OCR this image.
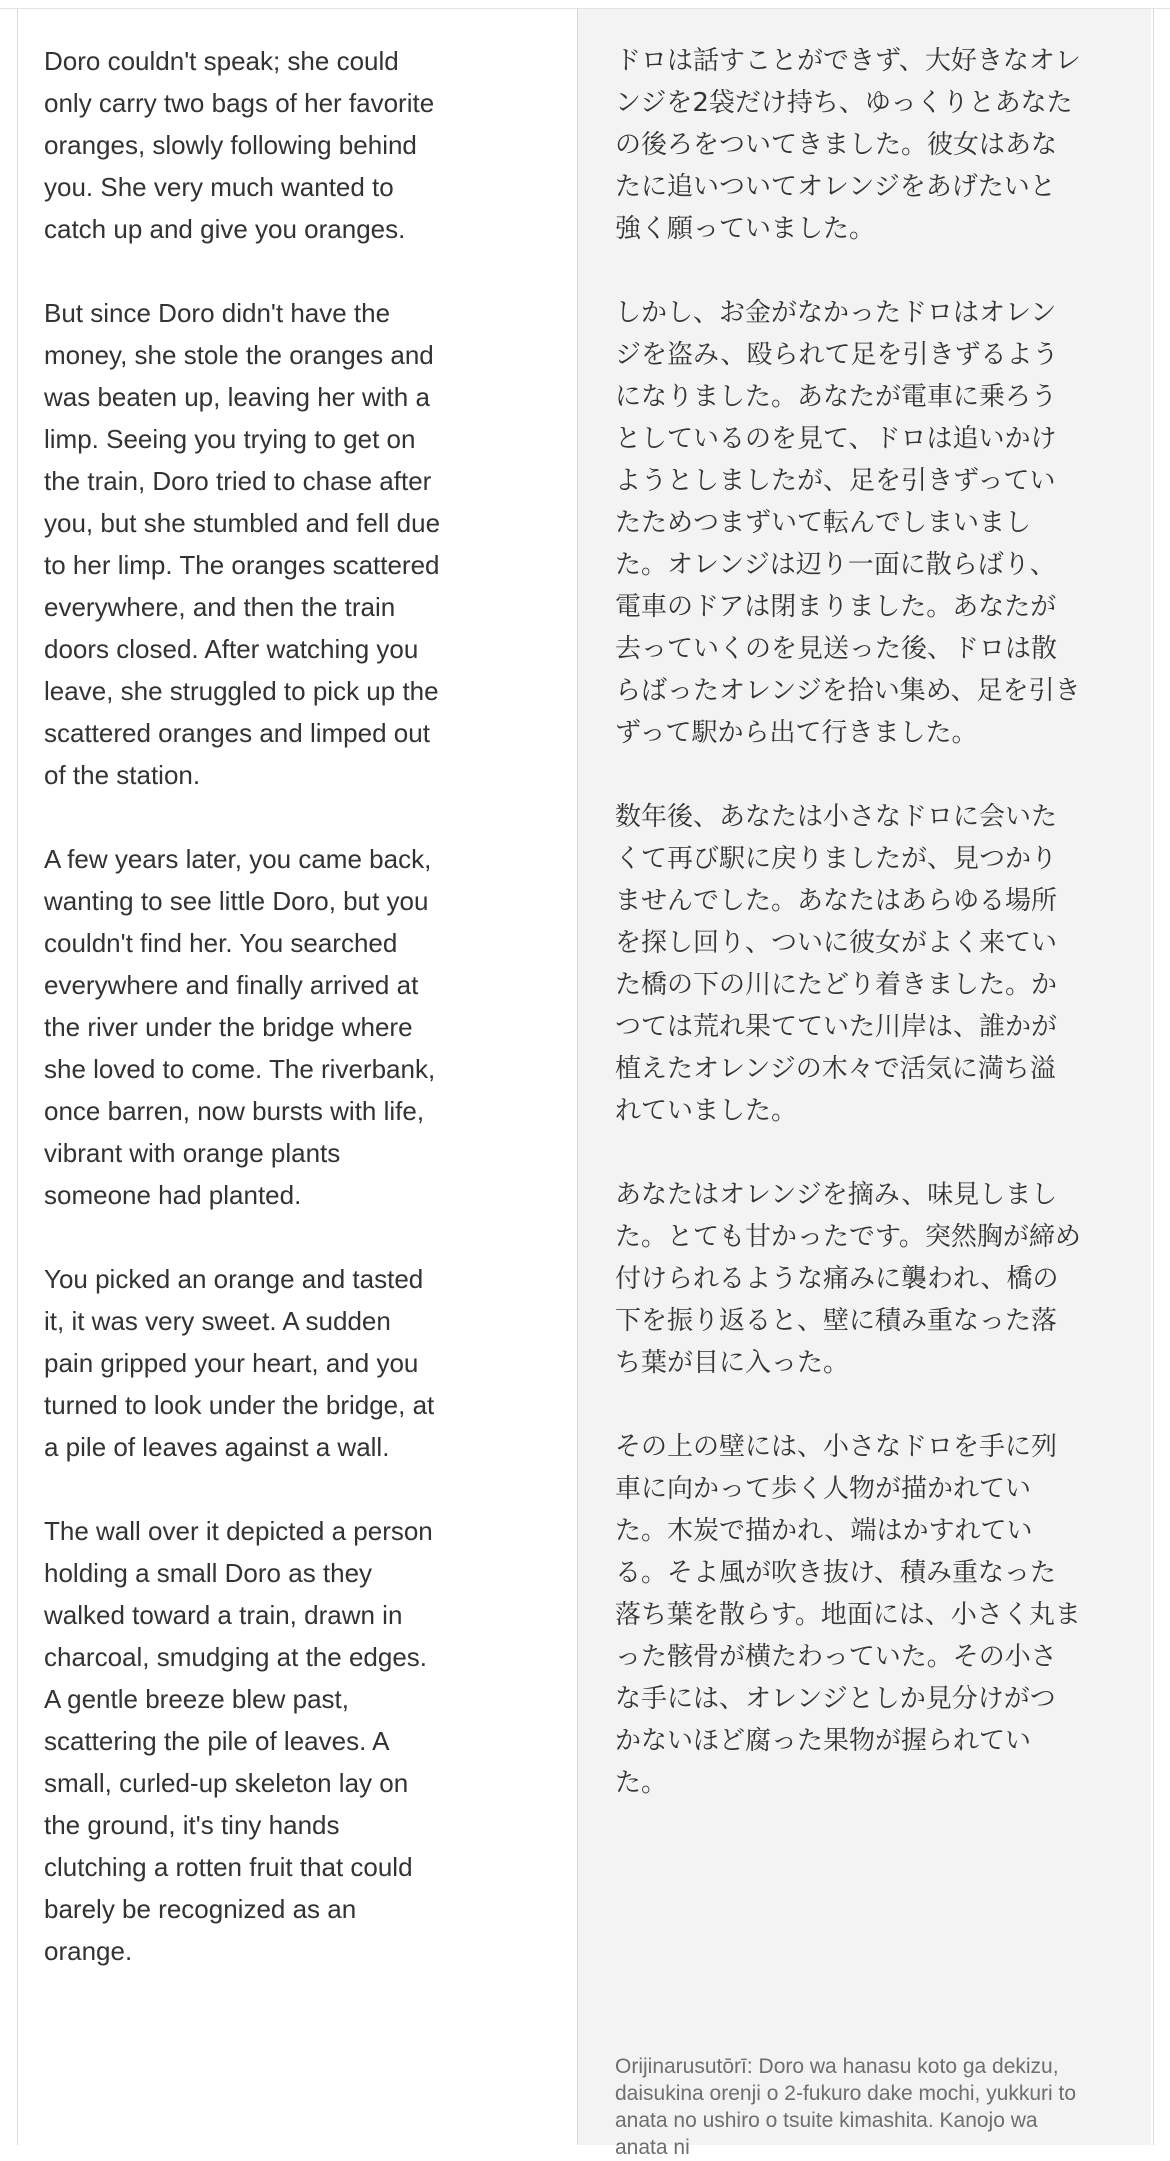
Doro couldn't speak; she could only carry two bags of her favorite oranges, slowly following behind you. She very much wanted to catch up and give you oranges.

But since Doro didn't have the money, she stole the oranges and was beaten up, leaving her with a limp. Seeing you trying to get on the train, Doro tried to chase after you, but she stumbled and fell due to her limp. The oranges scattered everywhere, and then the train doors closed. After watching you leave, she struggled to pick up the scattered oranges and limped out of the station.

A few years later, you came back, wanting to see little Doro, but you couldn't find her. You searched everywhere and finally arrived at the river under the bridge where she loved to come. The riverbank, once barren, now bursts with life, vibrant with orange plants someone had planted.

You picked an orange and tasted it, it was very sweet. A sudden pain gripped your heart, and you turned to look under the bridge, at a pile of leaves against a wall.

The wall over it depicted a person holding a small Doro as they walked toward a train, drawn in charcoal, smudging at the edges. A gentle breeze blew past, scattering the pile of leaves. A small, curled-up skeleton lay on the ground, it's tiny hands clutching a rotten fruit that could barely be recognized as an orange.

ドロは話すことができず、大好きなオレンジを2袋だけ持ち、ゆっくりとあなたの後ろをついてきました。彼女はあなたに追いついてオレンジをあげたいと強く願っていました。

しかし、お金がなかったドロはオレンジを盗み、殴られて足を引きずるようになりました。あなたが電車に乗ろうとしているのを見て、ドロは追いかけようとしましたが、足を引きずっていたためつまずいて転んでしまいました。オレンジは辺り一面に散らばり、電車のドアは閉まりました。あなたが去っていくのを見送った後、ドロは散らばったオレンジを拾い集め、足を引きずって駅から出て行きました。

数年後、あなたは小さなドロに会いたくて再び駅に戻りましたが、見つかりませんでした。あなたはあらゆる場所を探し回り、ついに彼女がよく来ていた橋の下の川にたどり着きました。かつては荒れ果てていた川岸は、誰かが植えたオレンジの木々で活気に満ち溢れていました。

あなたはオレンジを摘み、味見しました。とても甘かったです。突然胸が締め付けられるような痛みに襲われ、橋の下を振り返ると、壁に積み重なった落ち葉が目に入った。

その上の壁には、小さなドロを手に列車に向かって歩く人物が描かれていた。木炭で描かれ、端はかすれている。そよ風が吹き抜け、積み重なった落ち葉を散らす。地面には、小さく丸まった骸骨が横たわっていた。その小さな手には、オレンジとしか見分けがつかないほど腐った果物が握られていた。

Orijinarusutōrī: Doro wa hanasu koto ga dekizu, daisukina orenji o 2-fukuro dake mochi, yukkuri to anata no ushiro o tsuite kimashita. Kanojo wa anata ni
